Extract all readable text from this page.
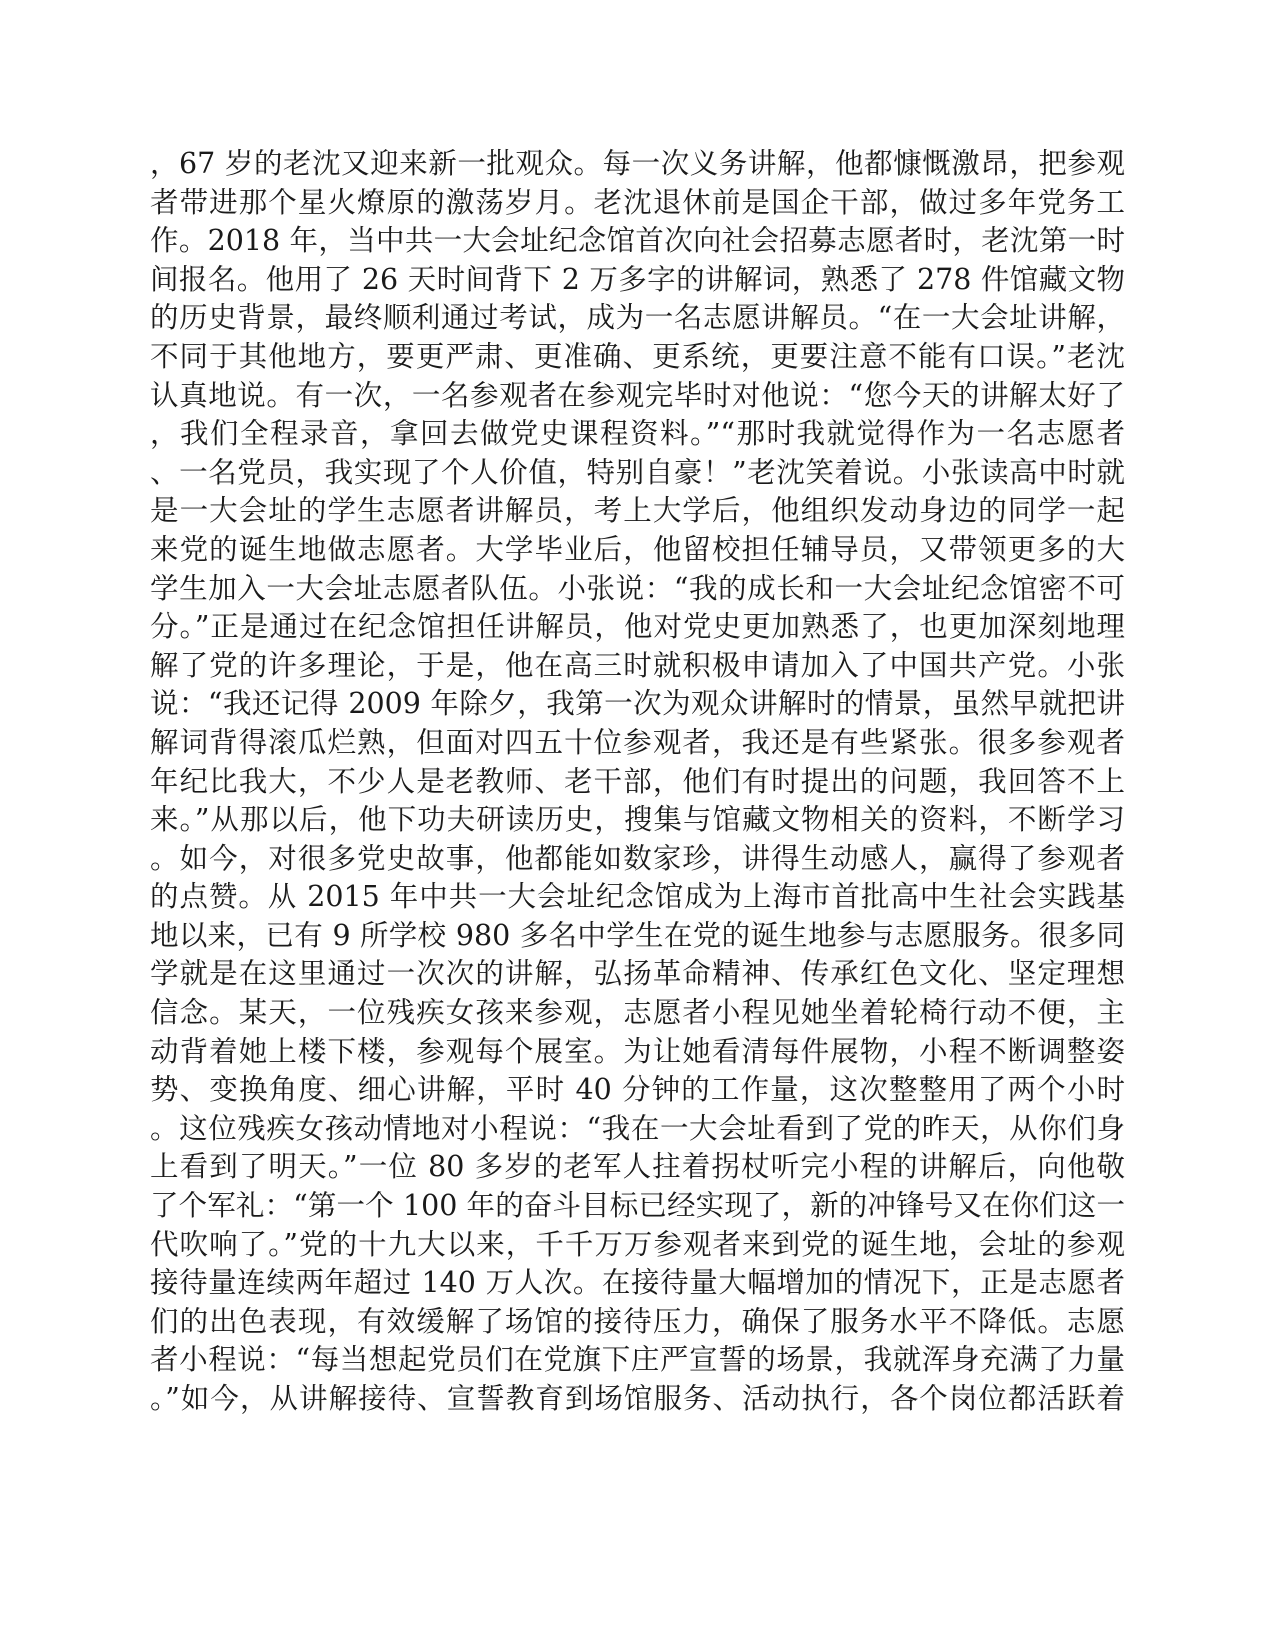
，67 岁的老沈又迎来新一批观众。每一次义务讲解，他都慷慨激昂，把参观
者带进那个星火燎原的激荡岁月。老沈退休前是国企干部，做过多年党务工
作。2018 年，当中共一大会址纪念馆首次向社会招募志愿者时，老沈第一时
间报名。他用了 26 天时间背下 2 万多字的讲解词，熟悉了 278 件馆藏文物
的历史背景，最终顺利通过考试，成为一名志愿讲解员。“在一大会址讲解，
不同于其他地方，要更严肃、更准确、更系统，更要注意不能有口误。”老沈
认真地说。有一次，一名参观者在参观完毕时对他说：“您今天的讲解太好了
，我们全程录音，拿回去做党史课程资料。”“那时我就觉得作为一名志愿者
、一名党员，我实现了个人价值，特别自豪！”老沈笑着说。小张读高中时就
是一大会址的学生志愿者讲解员，考上大学后，他组织发动身边的同学一起
来党的诞生地做志愿者。大学毕业后，他留校担任辅导员，又带领更多的大
学生加入一大会址志愿者队伍。小张说：“我的成长和一大会址纪念馆密不可
分。”正是通过在纪念馆担任讲解员，他对党史更加熟悉了，也更加深刻地理
解了党的许多理论，于是，他在高三时就积极申请加入了中国共产党。小张
说：“我还记得 2009 年除夕，我第一次为观众讲解时的情景，虽然早就把讲
解词背得滚瓜烂熟，但面对四五十位参观者，我还是有些紧张。很多参观者
年纪比我大，不少人是老教师、老干部，他们有时提出的问题，我回答不上
来。”从那以后，他下功夫研读历史，搜集与馆藏文物相关的资料，不断学习
。如今，对很多党史故事，他都能如数家珍，讲得生动感人，赢得了参观者
的点赞。从 2015 年中共一大会址纪念馆成为上海市首批高中生社会实践基
地以来，已有 9 所学校 980 多名中学生在党的诞生地参与志愿服务。很多同
学就是在这里通过一次次的讲解，弘扬革命精神、传承红色文化、坚定理想
信念。某天，一位残疾女孩来参观，志愿者小程见她坐着轮椅行动不便，主
动背着她上楼下楼，参观每个展室。为让她看清每件展物，小程不断调整姿
势、变换角度、细心讲解，平时 40 分钟的工作量，这次整整用了两个小时
。这位残疾女孩动情地对小程说：“我在一大会址看到了党的昨天，从你们身
上看到了明天。”一位 80 多岁的老军人拄着拐杖听完小程的讲解后，向他敬
了个军礼：“第一个 100 年的奋斗目标已经实现了，新的冲锋号又在你们这一
代吹响了。”党的十九大以来，千千万万参观者来到党的诞生地，会址的参观
接待量连续两年超过 140 万人次。在接待量大幅增加的情况下，正是志愿者
们的出色表现，有效缓解了场馆的接待压力，确保了服务水平不降低。志愿
者小程说：“每当想起党员们在党旗下庄严宣誓的场景，我就浑身充满了力量
。”如今，从讲解接待、宣誓教育到场馆服务、活动执行，各个岗位都活跃着
